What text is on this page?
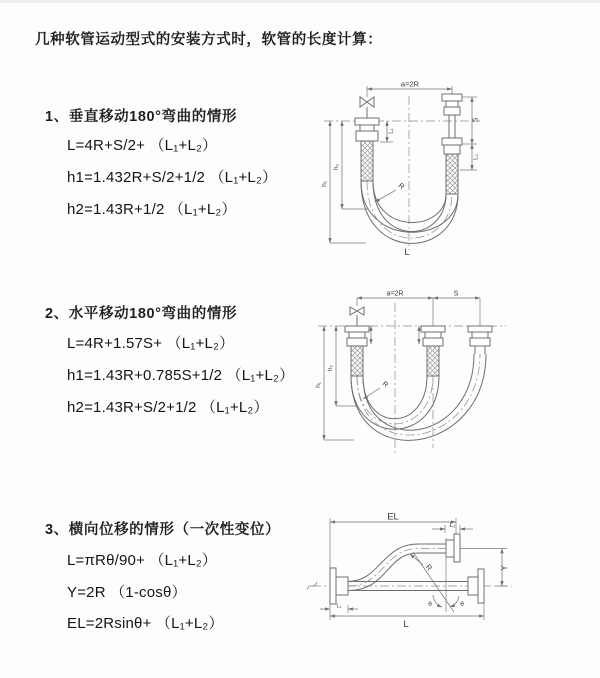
几种软管运动型式的安装方式时，软管的长度计算：
1、垂直移动180°弯曲的情形
L=4R+S/2+ （L₁+L₂）
h1=1.432R+S/2+1/2 （L₁+L₂）
h2=1.43R+1/2 （L₁+L₂）
2、水平移动180°弯曲的情形
L=4R+1.57S+ （L₁+L₂）
h1=1.43R+0.785S+1/2 （L₁+L₂）
h2=1.43R+S/2+1/2 （L₁+L₂）
3、横向位移的情形（一次性变位）
L=πRθ/90+ （L₁+L₂）
Y=2R （1-cosθ）
EL=2Rsinθ+ （L₁+L₂）
a=2R
S
L₂
h₁
h₂
L₁
R
L
a=2R	S
h₁
h₂
R
θ	θ
EL
L₂
Y
R
L₁
L
